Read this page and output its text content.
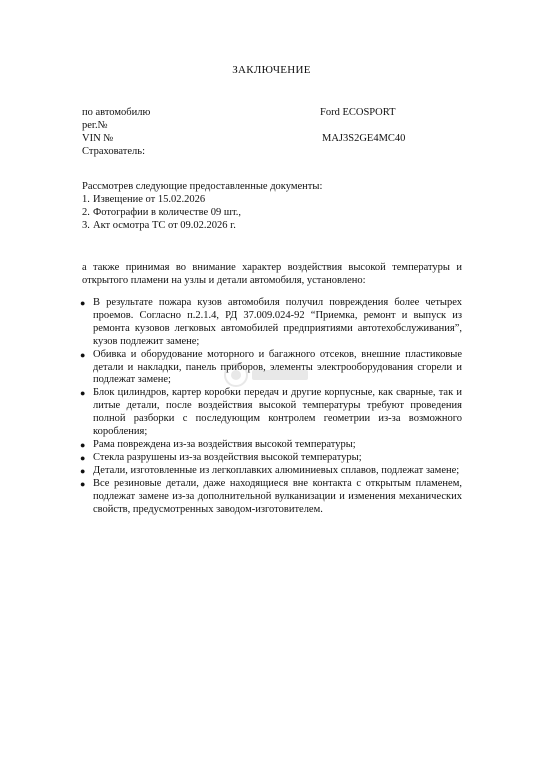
ЗАКЛЮЧЕНИЕ
по автомобилю	Ford ECOSPORT
рег.№
VIN №	MAJ3S2GE4MC40
Страхователь:
Рассмотрев следующие предоставленные документы:
1. Извещение от 15.02.2026
2. Фотографии в количестве 09 шт.,
3. Акт осмотра ТС от 09.02.2026 г.
а также принимая во внимание характер воздействия высокой температуры и открытого пламени на узлы и детали автомобиля, установлено:
● В результате пожара кузов автомобиля получил повреждения более четырех проемов. Согласно п.2.1.4, РД 37.009.024-92 “Приемка, ремонт и выпуск из ремонта кузовов легковых автомобилей предприятиями автотехобслуживания”, кузов подлежит замене;
● Обивка и оборудование моторного и багажного отсеков, внешние пластиковые детали и накладки, панель приборов, элементы электрооборудования сгорели и подлежат замене;
● Блок цилиндров, картер коробки передач и другие корпусные, как сварные, так и литые детали, после воздействия высокой температуры требуют проведения полной разборки с последующим контролем геометрии из-за возможного коробления;
● Рама повреждена из-за воздействия высокой температуры;
● Стекла разрушены из-за воздействия высокой температуры;
● Детали, изготовленные из легкоплавких алюминиевых сплавов, подлежат замене;
● Все резиновые детали, даже находящиеся вне контакта с открытым пламенем, подлежат замене из-за дополнительной вулканизации и изменения механических свойств, предусмотренных заводом-изготовителем.
